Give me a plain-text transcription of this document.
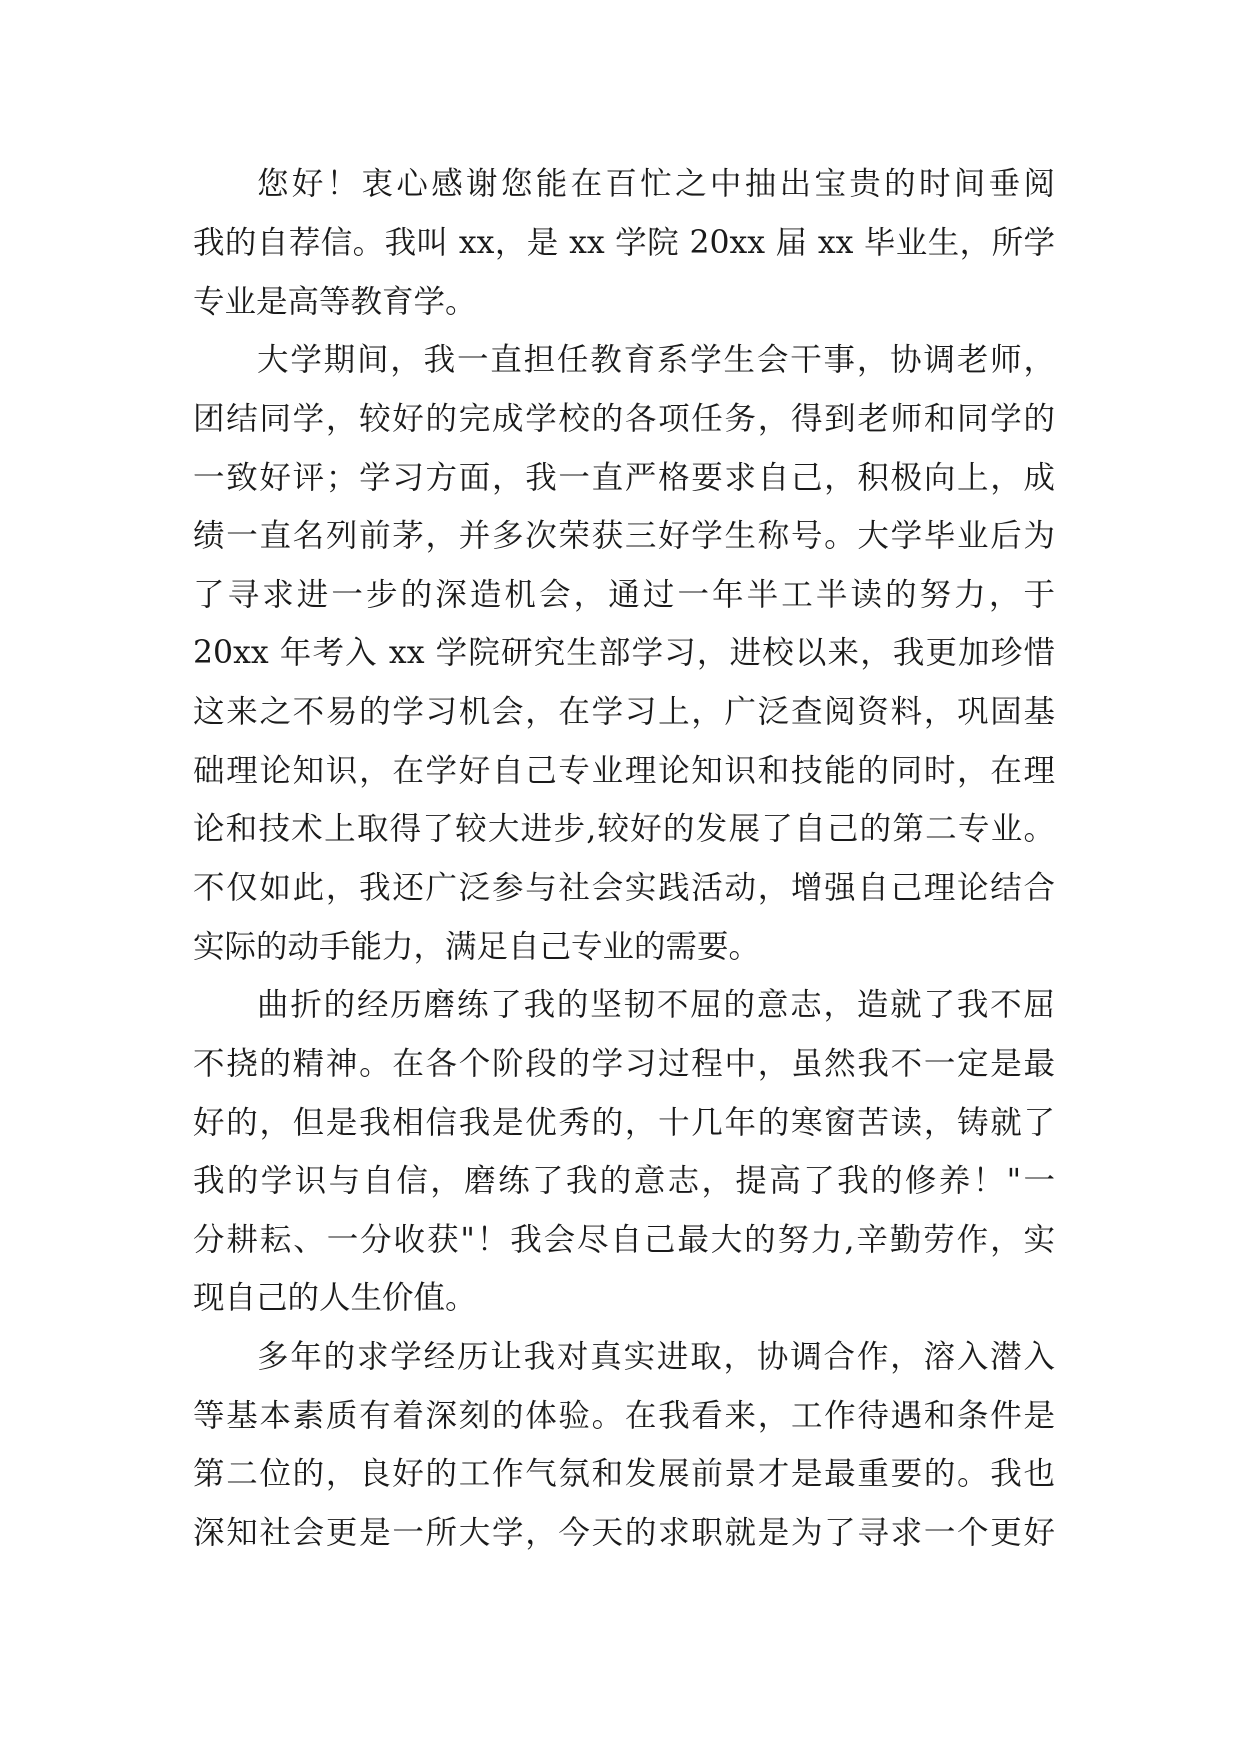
您好！衷心感谢您能在百忙之中抽出宝贵的时间垂阅
我的自荐信。我叫 xx，是 xx 学院 20xx 届 xx 毕业生，所学
专业是高等教育学。
大学期间，我一直担任教育系学生会干事，协调老师，
团结同学，较好的完成学校的各项任务，得到老师和同学的
一致好评；学习方面，我一直严格要求自己，积极向上，成
绩一直名列前茅，并多次荣获三好学生称号。大学毕业后为
了寻求进一步的深造机会，通过一年半工半读的努力，于
20xx 年考入 xx 学院研究生部学习，进校以来，我更加珍惜
这来之不易的学习机会，在学习上，广泛查阅资料，巩固基
础理论知识，在学好自己专业理论知识和技能的同时，在理
论和技术上取得了较大进步,较好的发展了自己的第二专业。
不仅如此，我还广泛参与社会实践活动，增强自己理论结合
实际的动手能力，满足自己专业的需要。
曲折的经历磨练了我的坚韧不屈的意志，造就了我不屈
不挠的精神。在各个阶段的学习过程中，虽然我不一定是最
好的，但是我相信我是优秀的，十几年的寒窗苦读，铸就了
我的学识与自信，磨练了我的意志，提高了我的修养！"一
分耕耘、一分收获"！我会尽自己最大的努力,辛勤劳作，实
现自己的人生价值。
多年的求学经历让我对真实进取，协调合作，溶入潜入
等基本素质有着深刻的体验。在我看来，工作待遇和条件是
第二位的，良好的工作气氛和发展前景才是最重要的。我也
深知社会更是一所大学，今天的求职就是为了寻求一个更好
